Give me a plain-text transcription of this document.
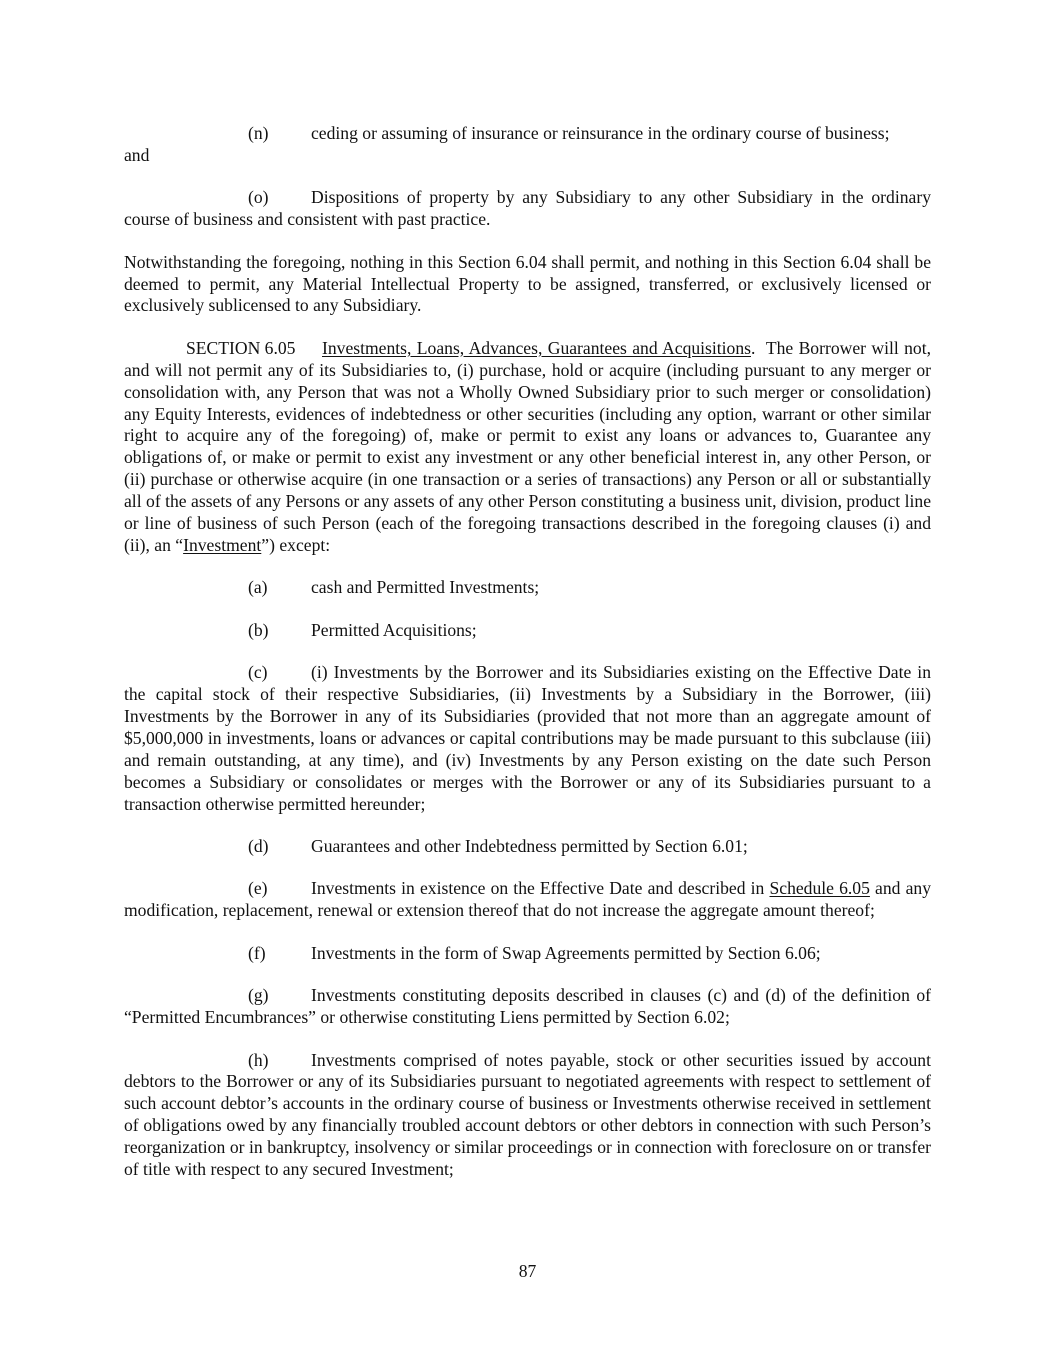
(n) ceding or assuming of insurance or reinsurance in the ordinary course of business;

and

(o) Dispositions of property by any Subsidiary to any other Subsidiary in the ordinary course of business and consistent with past practice.

Notwithstanding the foregoing, nothing in this Section 6.04 shall permit, and nothing in this Section 6.04 shall be deemed to permit, any Material Intellectual Property to be assigned, transferred, or exclusively licensed or exclusively sublicensed to any Subsidiary.

SECTION 6.05 Investments, Loans, Advances, Guarantees and Acquisitions.  The Borrower will not, and will not permit any of its Subsidiaries to, (i) purchase, hold or acquire (including pursuant to any merger or consolidation with, any Person that was not a Wholly Owned Subsidiary prior to such merger or consolidation) any Equity Interests, evidences of indebtedness or other securities (including any option, warrant or other similar right to acquire any of the foregoing) of, make or permit to exist any loans or advances to, Guarantee any obligations of, or make or permit to exist any investment or any other beneficial interest in, any other Person, or (ii) purchase or otherwise acquire (in one transaction or a series of transactions) any Person or all or substantially all of the assets of any Persons or any assets of any other Person constituting a business unit, division, product line or line of business of such Person (each of the foregoing transactions described in the foregoing clauses (i) and (ii), an “Investment”) except:

(a) cash and Permitted Investments;

(b) Permitted Acquisitions;

(c) (i) Investments by the Borrower and its Subsidiaries existing on the Effective Date in the capital stock of their respective Subsidiaries, (ii) Investments by a Subsidiary in the Borrower, (iii) Investments by the Borrower in any of its Subsidiaries (provided that not more than an aggregate amount of $5,000,000 in investments, loans or advances or capital contributions may be made pursuant to this subclause (iii) and remain outstanding, at any time), and (iv) Investments by any Person existing on the date such Person becomes a Subsidiary or consolidates or merges with the Borrower or any of its Subsidiaries pursuant to a transaction otherwise permitted hereunder;

(d) Guarantees and other Indebtedness permitted by Section 6.01;

(e) Investments in existence on the Effective Date and described in Schedule 6.05 and any modification, replacement, renewal or extension thereof that do not increase the aggregate amount thereof;

(f)	Investments in the form of Swap Agreements permitted by Section 6.06;

(g) Investments constituting deposits described in clauses (c) and (d) of the definition of “Permitted Encumbrances” or otherwise constituting Liens permitted by Section 6.02;

(h) Investments comprised of notes payable, stock or other securities issued by account debtors to the Borrower or any of its Subsidiaries pursuant to negotiated agreements with respect to settlement of such account debtor’s accounts in the ordinary course of business or Investments otherwise received in settlement of obligations owed by any financially troubled account debtors or other debtors in connection with such Person’s reorganization or in bankruptcy, insolvency or similar proceedings or in connection with foreclosure on or transfer of title with respect to any secured Investment;

87
